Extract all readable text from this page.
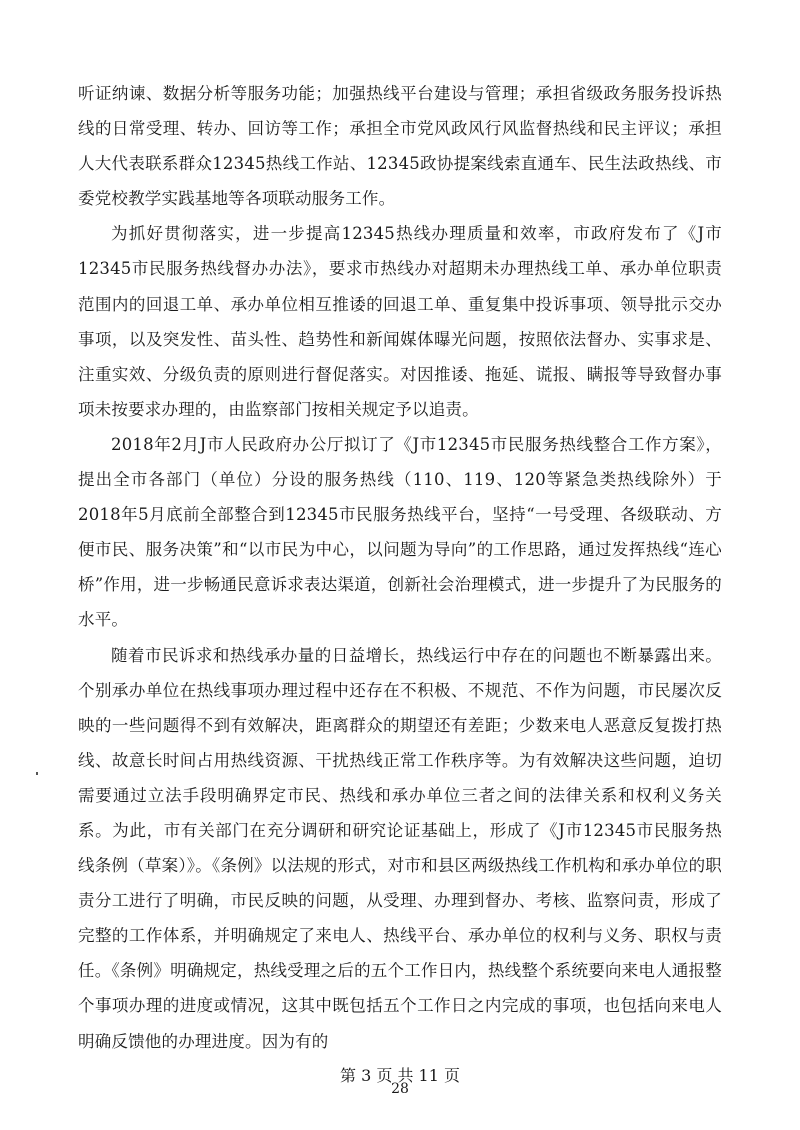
听证纳谏、数据分析等服务功能；加强热线平台建设与管理；承担省级政务服务投诉热线的日常受理、转办、回访等工作；承担全市党风政风行风监督热线和民主评议；承担人大代表联系群众12345热线工作站、12345政协提案线索直通车、民生法政热线、市委党校教学实践基地等各项联动服务工作。

为抓好贯彻落实，进一步提高12345热线办理质量和效率，市政府发布了《J市12345市民服务热线督办办法》，要求市热线办对超期未办理热线工单、承办单位职责范围内的回退工单、承办单位相互推诿的回退工单、重复集中投诉事项、领导批示交办事项，以及突发性、苗头性、趋势性和新闻媒体曝光问题，按照依法督办、实事求是、注重实效、分级负责的原则进行督促落实。对因推诿、拖延、谎报、瞒报等导致督办事项未按要求办理的，由监察部门按相关规定予以追责。

2018年2月J市人民政府办公厅拟订了《J市12345市民服务热线整合工作方案》，提出全市各部门（单位）分设的服务热线（110、119、120等紧急类热线除外）于2018年5月底前全部整合到12345市民服务热线平台，坚持“一号受理、各级联动、方便市民、服务决策”和“以市民为中心，以问题为导向”的工作思路，通过发挥热线“连心桥”作用，进一步畅通民意诉求表达渠道，创新社会治理模式，进一步提升了为民服务的水平。

随着市民诉求和热线承办量的日益增长，热线运行中存在的问题也不断暴露出来。个别承办单位在热线事项办理过程中还存在不积极、不规范、不作为问题，市民屡次反映的一些问题得不到有效解决，距离群众的期望还有差距；少数来电人恶意反复拨打热线、故意长时间占用热线资源、干扰热线正常工作秩序等。为有效解决这些问题，迫切需要通过立法手段明确界定市民、热线和承办单位三者之间的法律关系和权利义务关系。为此，市有关部门在充分调研和研究论证基础上，形成了《J市12345市民服务热线条例（草案）》。《条例》以法规的形式，对市和县区两级热线工作机构和承办单位的职责分工进行了明确，市民反映的问题，从受理、办理到督办、考核、监察问责，形成了完整的工作体系，并明确规定了来电人、热线平台、承办单位的权利与义务、职权与责任。《条例》明确规定，热线受理之后的五个工作日内，热线整个系统要向来电人通报整个事项办理的进度或情况，这其中既包括五个工作日之内完成的事项，也包括向来电人明确反馈他的办理进度。因为有的

第 3 页 共 11 页
28
